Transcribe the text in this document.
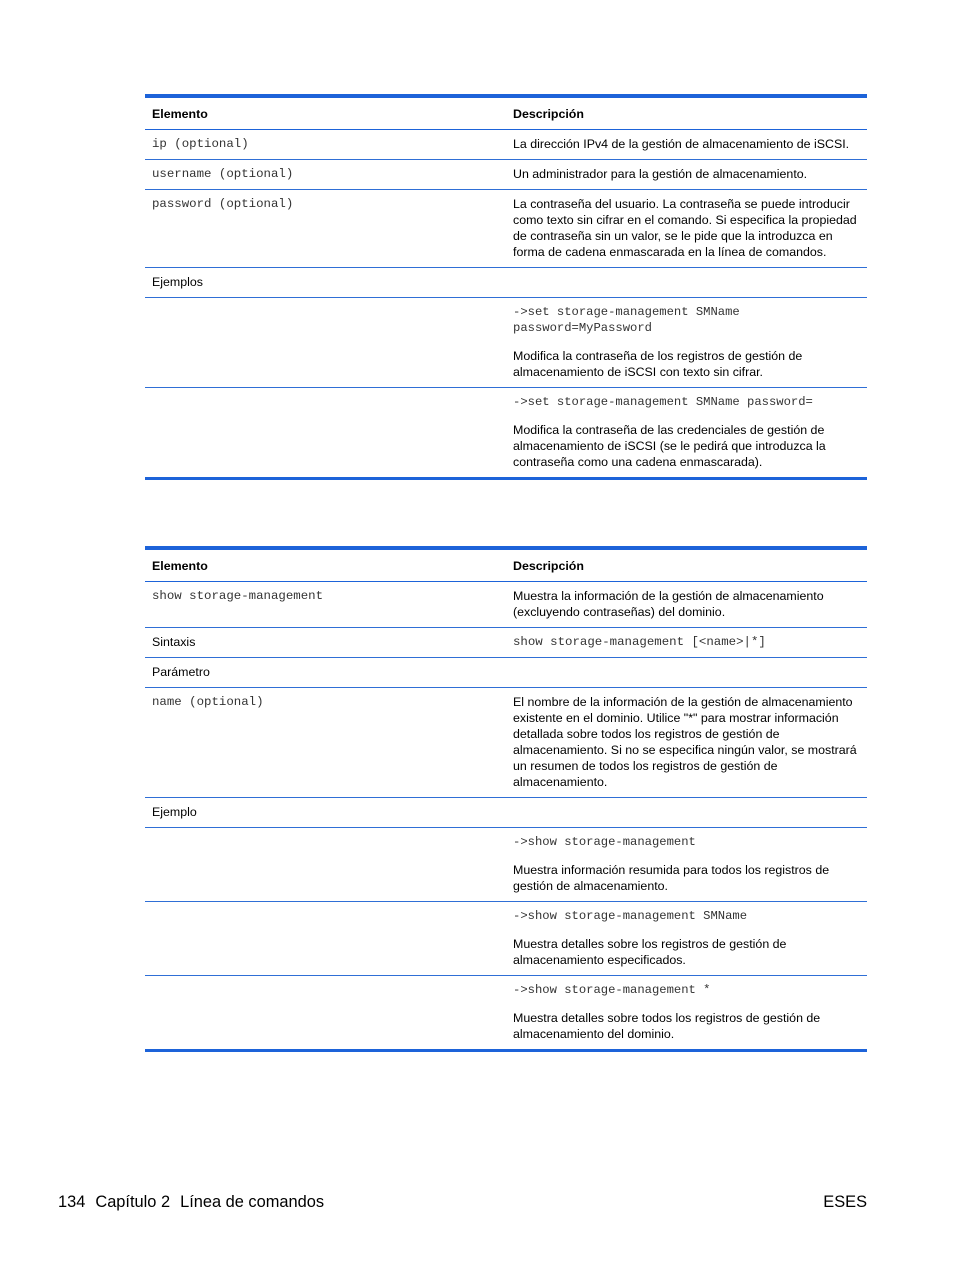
Elemento	Descripción
ip (optional)	La dirección IPv4 de la gestión de almacenamiento de iSCSI.
username (optional)	Un administrador para la gestión de almacenamiento.
password (optional)	La contraseña del usuario. La contraseña se puede introducir como texto sin cifrar en el comando. Si especifica la propiedad de contraseña sin un valor, se le pide que la introduzca en forma de cadena enmascarada en la línea de comandos.
Ejemplos	

	->set storage-management SMName password=MyPassword

Modifica la contraseña de los registros de gestión de almacenamiento de iSCSI con texto sin cifrar.

	->set storage-management SMName password=

Modifica la contraseña de las credenciales de gestión de almacenamiento de iSCSI (se le pedirá que introduzca la contraseña como una cadena enmascarada).

Elemento	Descripción
show storage-management	Muestra la información de la gestión de almacenamiento (excluyendo contraseñas) del dominio.
Sintaxis	show storage-management [<name>|*]
Parámetro	
name (optional)	El nombre de la información de la gestión de almacenamiento existente en el dominio. Utilice "*" para mostrar información detallada sobre todos los registros de gestión de almacenamiento. Si no se especifica ningún valor, se mostrará un resumen de todos los registros de gestión de almacenamiento.
Ejemplo	

	->show storage-management

Muestra información resumida para todos los registros de gestión de almacenamiento.

	->show storage-management SMName

Muestra detalles sobre los registros de gestión de almacenamiento especificados.

	->show storage-management *

Muestra detalles sobre todos los registros de gestión de almacenamiento del dominio.

134 Capítulo 2 Línea de comandos	ESES
